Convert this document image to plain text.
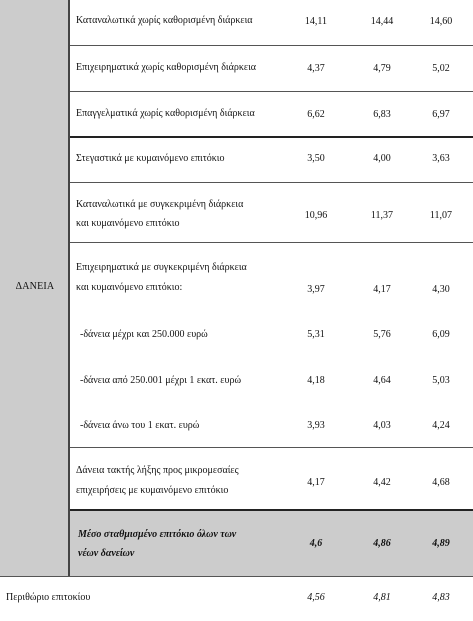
ΔΑΝΕΙΑ
Καταναλωτικά χωρίς καθορισμένη διάρκεια	14,11	14,44	14,60
Επιχειρηματικά χωρίς καθορισμένη διάρκεια	4,37	4,79	5,02
Επαγγελματικά χωρίς καθορισμένη διάρκεια	6,62	6,83	6,97
Στεγαστικά με κυμαινόμενο επιτόκιο	3,50	4,00	3,63
Καταναλωτικά με συγκεκριμένη διάρκεια
και κυμαινόμενο επιτόκιο
10,96	11,37	11,07
Επιχειρηματικά με συγκεκριμένη διάρκεια
και κυμαινόμενο επιτόκιο:	3,97	4,17	4,30
-δάνεια μέχρι και 250.000 ευρώ	5,31	5,76	6,09
-δάνεια από 250.001 μέχρι 1 εκατ. ευρώ	4,18	4,64	5,03
-δάνεια άνω του 1 εκατ. ευρώ	3,93	4,03	4,24
Δάνεια τακτής λήξης προς μικρομεσαίες
επιχειρήσεις με κυμαινόμενο επιτόκιο
4,17	4,42	4,68
Μέσο σταθμισμένο επιτόκιο όλων των
νέων δανείων
4,6	4,86	4,89
Περιθώριο επιτοκίου	4,56	4,81	4,83
